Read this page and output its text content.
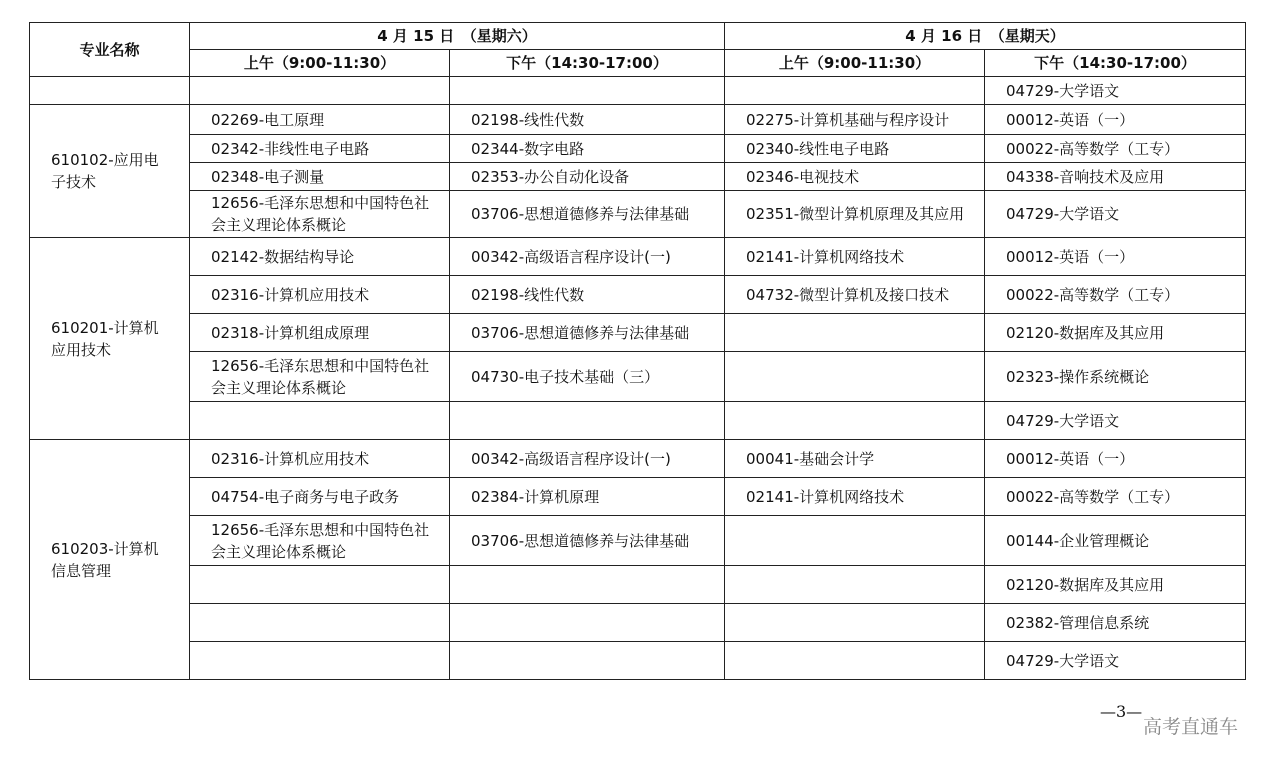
专业名称	4 月 15 日　（星期六）		4 月 16 日　（星期天）	
	上午（9:00-11:30）	下午（14:30-17:00）	上午（9:00-11:30）	下午（14:30-17:00）
				04729-大学语文
610102-应用电子技术	02269-电工原理	02198-线性代数	02275-计算机基础与程序设计	00012-英语（一）
	02342-非线性电子电路	02344-数字电路	02340-线性电子电路	00022-高等数学（工专）
	02348-电子测量	02353-办公自动化设备	02346-电视技术	04338-音响技术及应用
	12656-毛泽东思想和中国特色社会主义理论体系概论	03706-思想道德修养与法律基础	02351-微型计算机原理及其应用	04729-大学语文
610201-计算机应用技术	02142-数据结构导论	00342-高级语言程序设计(一)	02141-计算机网络技术	00012-英语（一）
	02316-计算机应用技术	02198-线性代数	04732-微型计算机及接口技术	00022-高等数学（工专）
	02318-计算机组成原理	03706-思想道德修养与法律基础		02120-数据库及其应用
	12656-毛泽东思想和中国特色社会主义理论体系概论	04730-电子技术基础（三）		02323-操作系统概论
				04729-大学语文
610203-计算机信息管理	02316-计算机应用技术	00342-高级语言程序设计(一)	00041-基础会计学	00012-英语（一）
	04754-电子商务与电子政务	02384-计算机原理	02141-计算机网络技术	00022-高等数学（工专）
	12656-毛泽东思想和中国特色社会主义理论体系概论	03706-思想道德修养与法律基础		00144-企业管理概论
				02120-数据库及其应用
				02382-管理信息系统
				04729-大学语文
—3—
高考直通车
